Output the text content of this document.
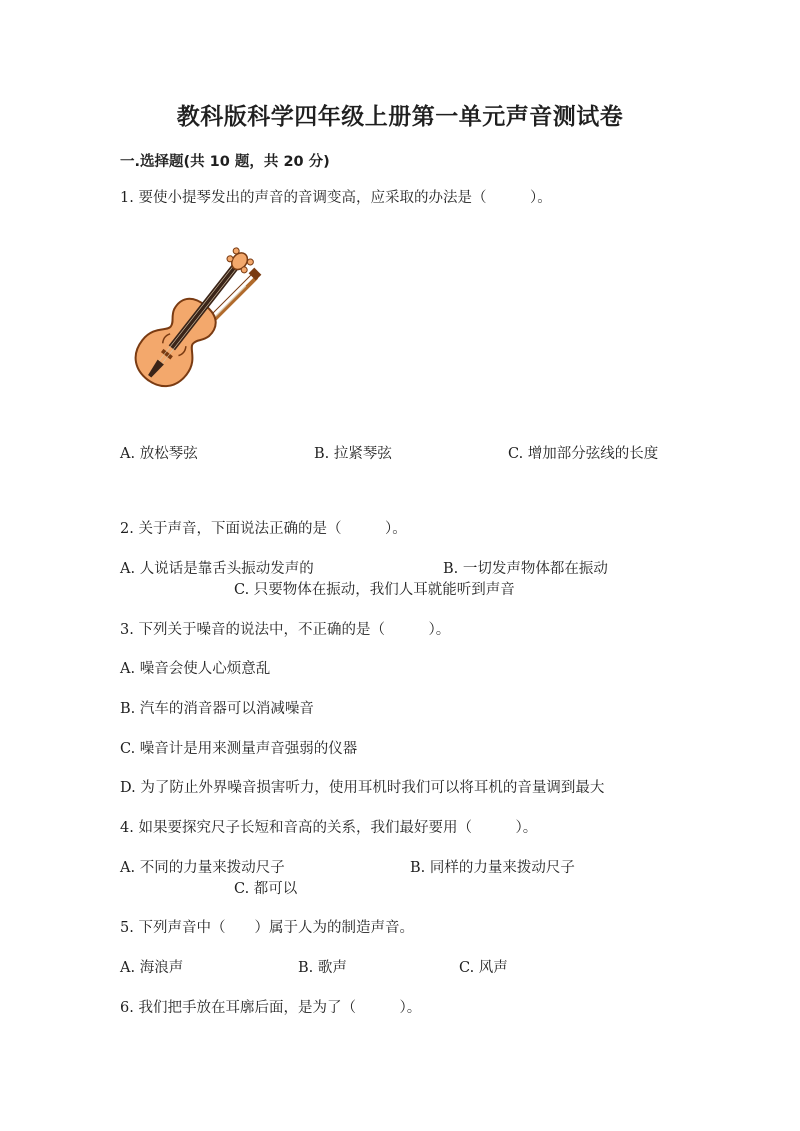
教科版科学四年级上册第一单元声音测试卷
一.选择题(共 10 题，共 20 分)
1. 要使小提琴发出的声音的音调变高，应采取的办法是（　　　）。
A. 放松琴弦	B. 拉紧琴弦	C. 增加部分弦线的长度
2. 关于声音，下面说法正确的是（　　　）。
A. 人说话是靠舌头振动发声的	B. 一切发声物体都在振动
C. 只要物体在振动，我们人耳就能听到声音
3. 下列关于噪音的说法中，不正确的是（　　　）。
A. 噪音会使人心烦意乱
B. 汽车的消音器可以消减噪音
C. 噪音计是用来测量声音强弱的仪器
D. 为了防止外界噪音损害听力，使用耳机时我们可以将耳机的音量调到最大
4. 如果要探究尺子长短和音高的关系，我们最好要用（　　　）。
A. 不同的力量来拨动尺子	B. 同样的力量来拨动尺子
C. 都可以
5. 下列声音中（　　）属于人为的制造声音。
A. 海浪声	B. 歌声	C. 风声
6. 我们把手放在耳廓后面，是为了（　　　）。
